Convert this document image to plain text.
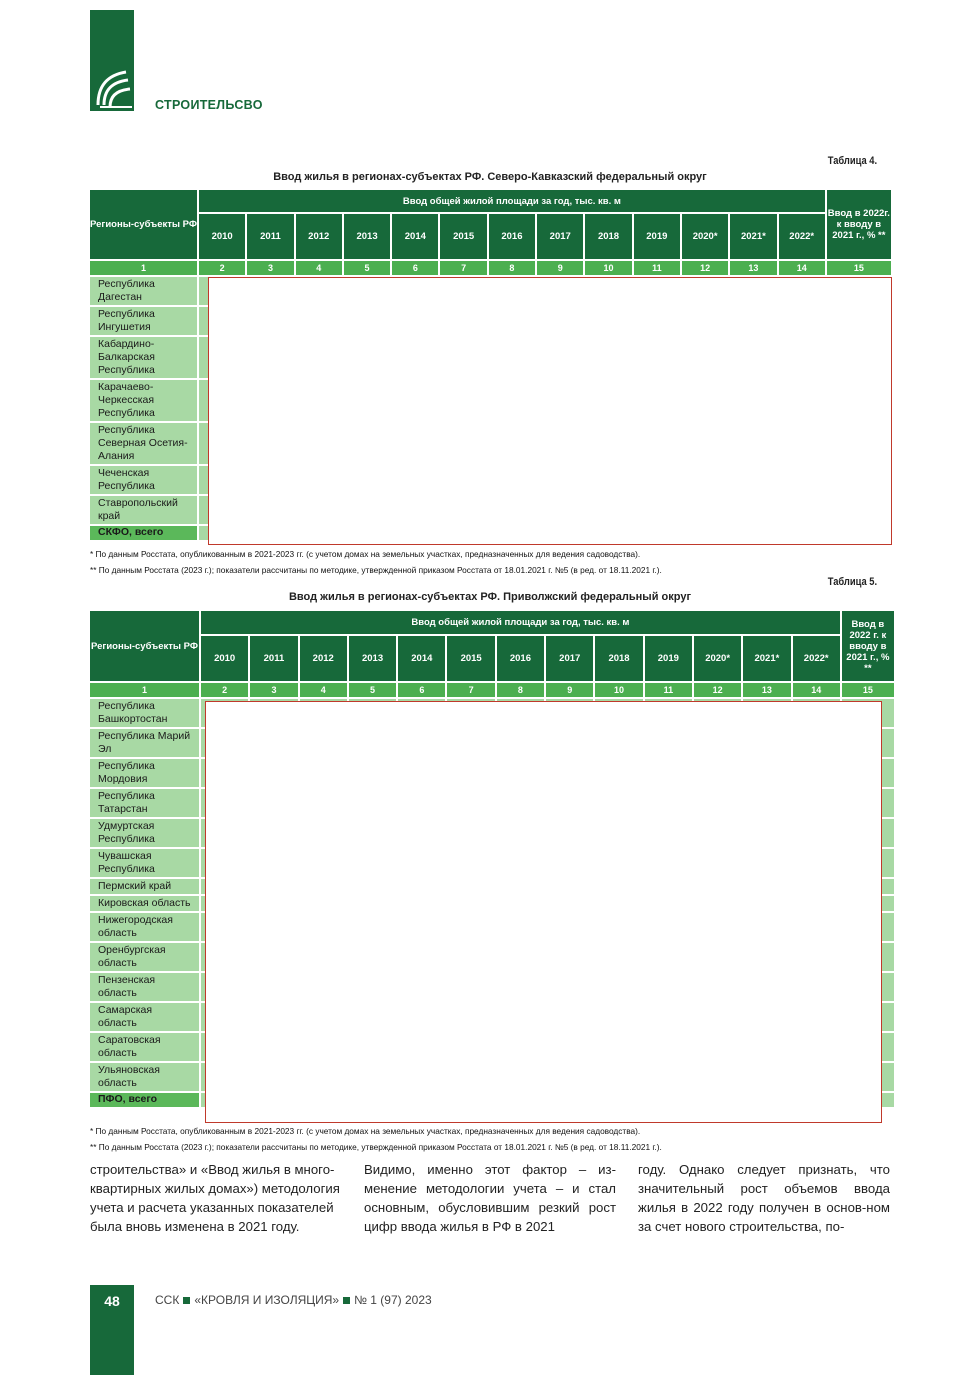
СТРОИТЕЛЬСВО
Таблица 4.
Ввод жилья в регионах-субъектах РФ. Северо-Кавказский федеральный округ
Регионы-субъекты РФ	Ввод общей жилой площади за год, тыс. кв. м													Ввод в 2022г. к вводу в 2021 г., % **
	2010	2011	2012	2013	2014	2015	2016	2017	2018	2019	2020*	2021*	2022*	
1	2	3	4	5	6	7	8	9	10	11	12	13	14	15
Республика Дагестан														
Республика Ингушетия														
Кабардино-Балкарская Республика														
Карачаево-Черкесская Республика														
Республика Северная Осетия-Алания														
Чеченская Республика														
Ставропольский край														
СКФО, всего														
* По данным Росстата, опубликованным в 2021-2023 гг. (с учетом домах на земельных участках, предназначенных для ведения садоводства).
** По данным Росстата (2023 г.); показатели рассчитаны по методике, утвержденной приказом Росстата от 18.01.2021 г. №5 (в ред. от 18.11.2021 г.).
Таблица 5.
Ввод жилья в регионах-субъектах РФ. Приволжский федеральный округ
Регионы-субъекты РФ	Ввод общей жилой площади за год, тыс. кв. м													Ввод в 2022 г. к вводу в 2021 г., % **
	2010	2011	2012	2013	2014	2015	2016	2017	2018	2019	2020*	2021*	2022*	
1	2	3	4	5	6	7	8	9	10	11	12	13	14	15
Республика Башкортостан														
Республика Марий Эл														
Республика Мордовия														
Республика Татарстан														
Удмуртская Республика														
Чувашская Республика														
Пермский край														
Кировская область														
Нижегородская область														
Оренбургская область														
Пензенская область														
Самарская область														
Саратовская область														
Ульяновская область														
ПФО, всего														
* По данным Росстата, опубликованным в 2021-2023 гг. (с учетом домах на земельных участках, предназначенных для ведения садоводства).
** По данным Росстата (2023 г.); показатели рассчитаны по методике, утвержденной приказом Росстата от 18.01.2021 г. №5 (в ред. от 18.11.2021 г.).
строительства» и «Ввод жилья в много-квартирных жилых домах») методология учета и расчета указанных показателей была вновь изменена в 2021 году.
Видимо, именно этот фактор – из-менение методологии учета – и стал основным, обусловившим резкий рост цифр ввода жилья в РФ в 2021
году. Однако следует признать, что значительный рост объемов ввода жилья в 2022 году получен в основ-ном за счет нового строительства, по-
48	ССК «КРОВЛЯ И ИЗОЛЯЦИЯ» № 1 (97) 2023
